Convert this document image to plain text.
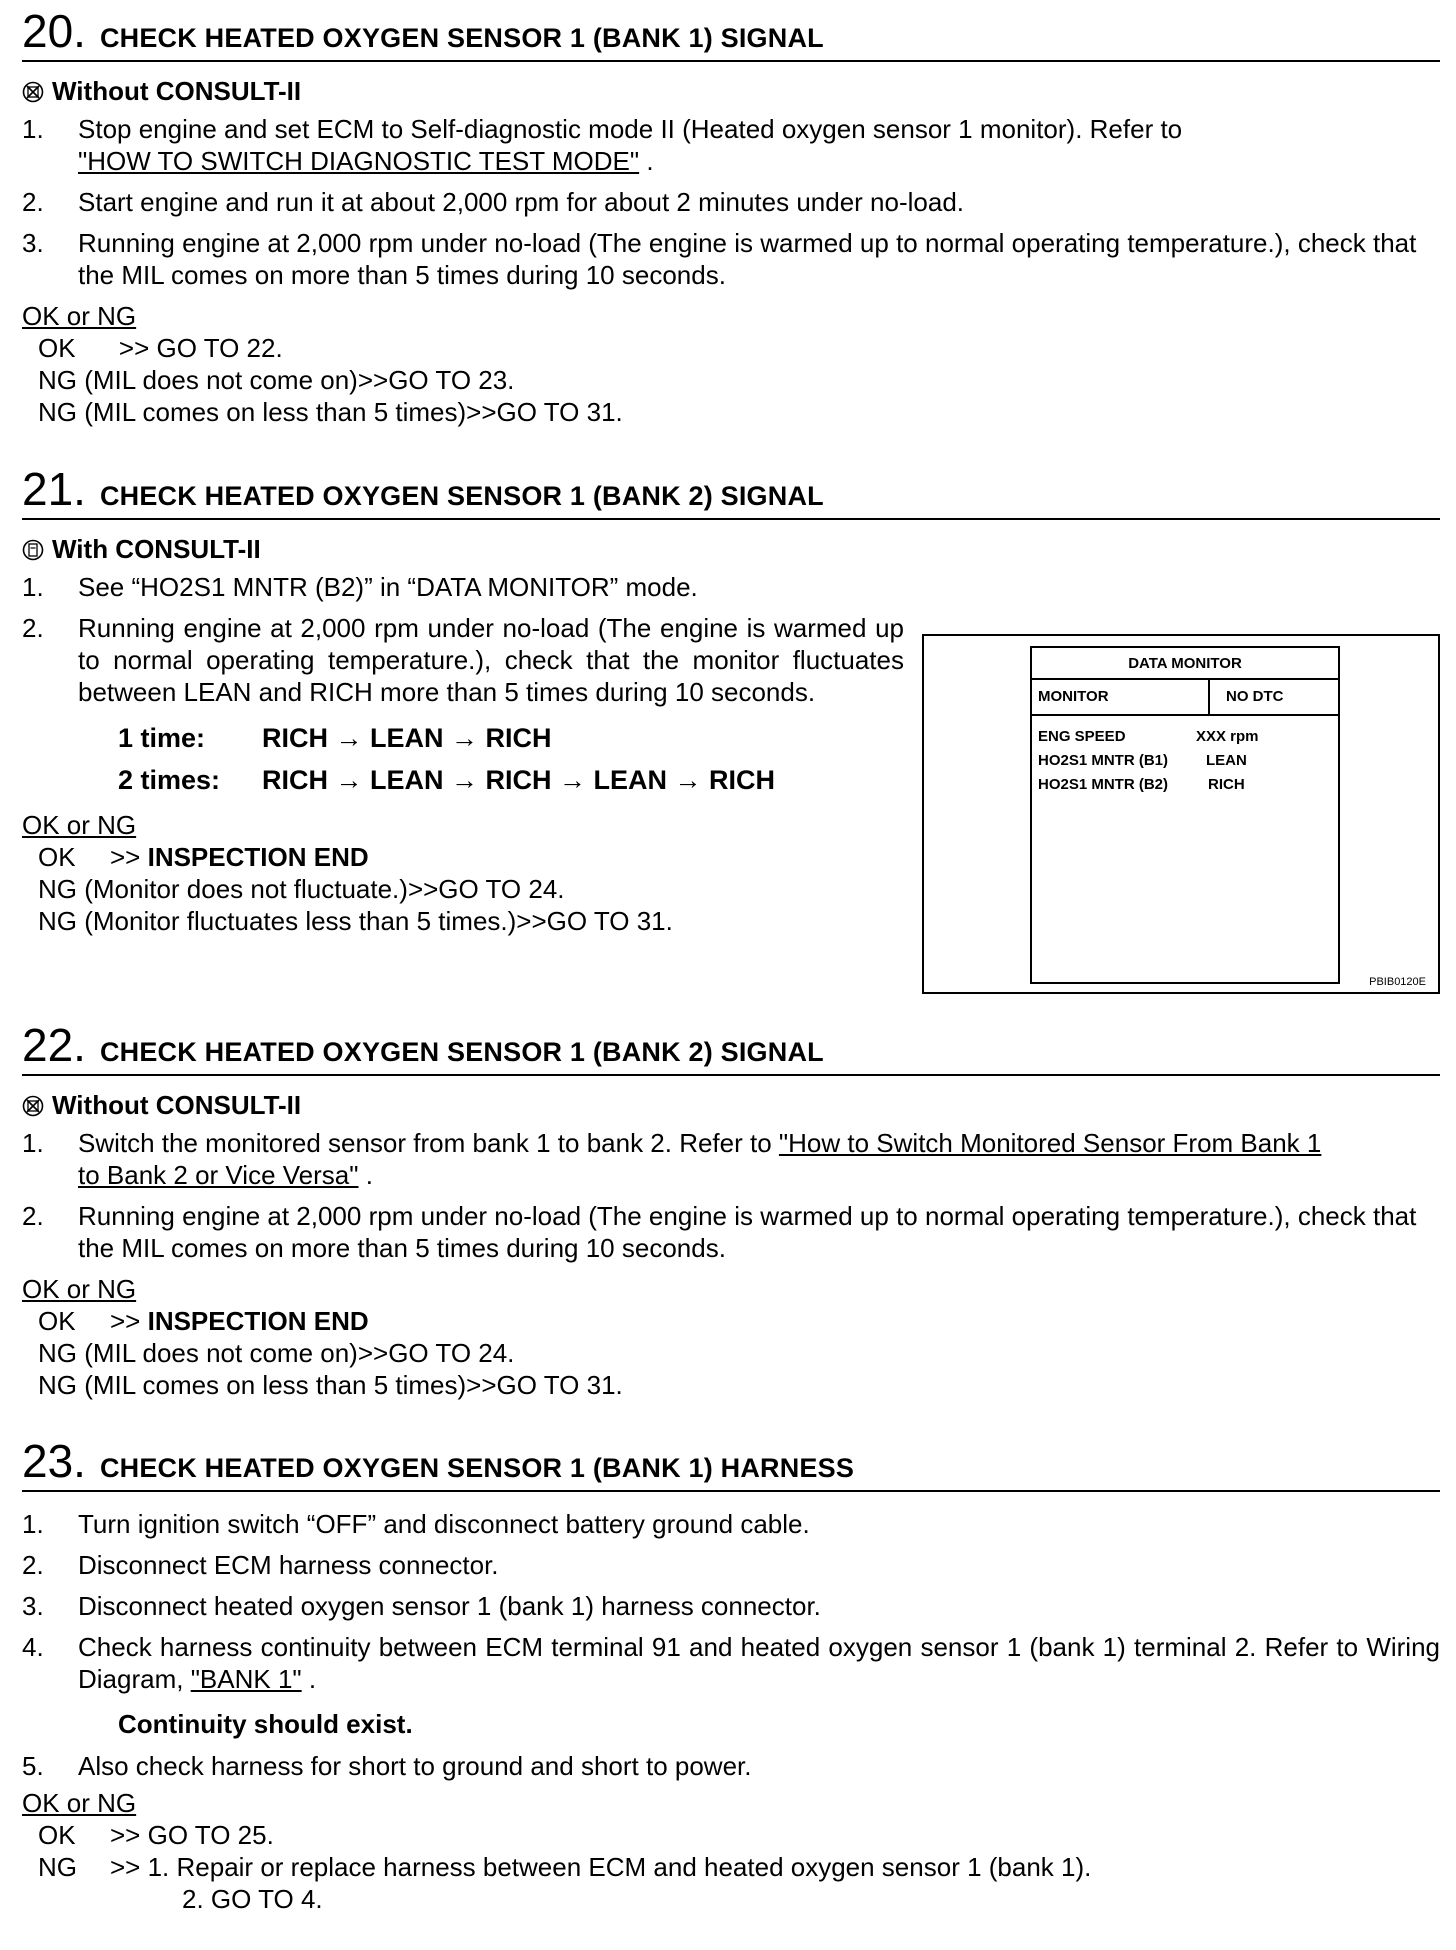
20 . CHECK HEATED OXYGEN SENSOR 1 (BANK 1) SIGNAL
Without CONSULT-II
1.	Stop engine and set ECM to Self-diagnostic mode II (Heated oxygen sensor 1 monitor). Refer to
"HOW TO SWITCH DIAGNOSTIC TEST MODE" .
2.	Start engine and run it at about 2,000 rpm for about 2 minutes under no-load.
3.	Running engine at 2,000 rpm under no-load (The engine is warmed up to normal operating temperature.), check that the MIL comes on more than 5 times during 10 seconds.
OK or NG
OK      >> GO TO 22.
NG (MIL does not come on)>>GO TO 23.
NG (MIL comes on less than 5 times)>>GO TO 31.
21 . CHECK HEATED OXYGEN SENSOR 1 (BANK 2) SIGNAL
With CONSULT-II
1.	See “HO2S1 MNTR (B2)” in “DATA MONITOR” mode.
2.	Running engine at 2,000 rpm under no-load (The engine is warmed up to normal operating temperature.), check that the monitor fluctuates between LEAN and RICH more than 5 times during 10 seconds.
1 time:	RICH → LEAN → RICH
2 times:	RICH → LEAN → RICH → LEAN → RICH
OK or NG
OK >> INSPECTION END
NG (Monitor does not fluctuate.)>>GO TO 24.
NG (Monitor fluctuates less than 5 times.)>>GO TO 31.
DATA MONITOR
MONITOR	NO DTC
ENG SPEED	XXX rpm
HO2S1 MNTR (B1)	LEAN
HO2S1 MNTR (B2)	RICH
PBIB0120E
22 . CHECK HEATED OXYGEN SENSOR 1 (BANK 2) SIGNAL
Without CONSULT-II
1.	Switch the monitored sensor from bank 1 to bank 2. Refer to "How to Switch Monitored Sensor From Bank 1 to Bank 2 or Vice Versa" .
2.	Running engine at 2,000 rpm under no-load (The engine is warmed up to normal operating temperature.), check that the MIL comes on more than 5 times during 10 seconds.
OK or NG
OK >> INSPECTION END
NG (MIL does not come on)>>GO TO 24.
NG (MIL comes on less than 5 times)>>GO TO 31.
23 . CHECK HEATED OXYGEN SENSOR 1 (BANK 1) HARNESS
1.	Turn ignition switch “OFF” and disconnect battery ground cable.
2.	Disconnect ECM harness connector.
3.	Disconnect heated oxygen sensor 1 (bank 1) harness connector.
4.	Check harness continuity between ECM terminal 91 and heated oxygen sensor 1 (bank 1) terminal 2. Refer to Wiring Diagram, "BANK 1" .
Continuity should exist.
5.	Also check harness for short to ground and short to power.
OK or NG
OK >> GO TO 25.
NG >> 1. Repair or replace harness between ECM and heated oxygen sensor 1 (bank 1).
2. GO TO 4.
